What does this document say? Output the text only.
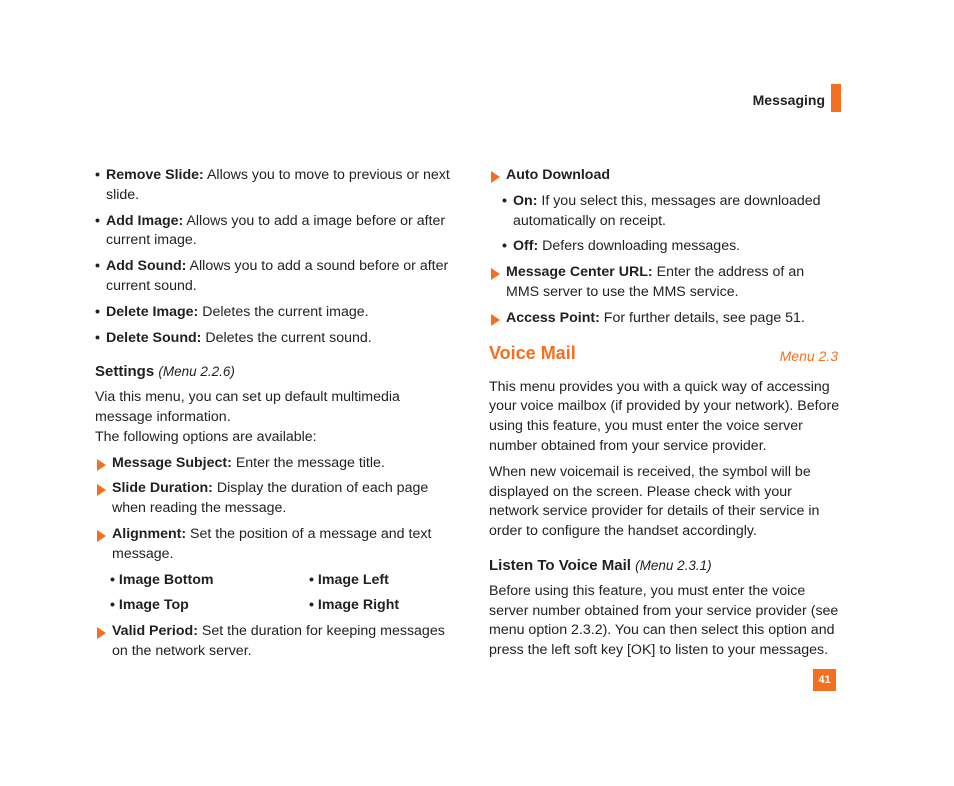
Messaging
• Remove Slide: Allows you to move to previous or next slide.
• Add Image: Allows you to add a image before or after current image.
• Add Sound: Allows you to add a sound before or after current sound.
• Delete Image: Deletes the current image.
• Delete Sound: Deletes the current sound.
Settings (Menu 2.2.6)
Via this menu, you can set up default multimedia message information.
The following options are available:
Message Subject: Enter the message title.
Slide Duration: Display the duration of each page when reading the message.
Alignment: Set the position of a message and text message.
• Image Bottom	• Image Left
• Image Top	• Image Right
Valid Period: Set the duration for keeping messages on the network server.
Auto Download
• On: If you select this, messages are downloaded automatically on receipt.
• Off: Defers downloading messages.
Message Center URL: Enter the address of an MMS server to use the MMS service.
Access Point: For further details, see page 51.
Voice Mail	Menu 2.3
This menu provides you with a quick way of accessing your voice mailbox (if provided by your network). Before using this feature, you must enter the voice server number obtained from your service provider.
When new voicemail is received, the symbol will be displayed on the screen. Please check with your network service provider for details of their service in order to configure the handset accordingly.
Listen To Voice Mail (Menu 2.3.1)
Before using this feature, you must enter the voice server number obtained from your service provider (see menu option 2.3.2). You can then select this option and press the left soft key [OK] to listen to your messages.
41
